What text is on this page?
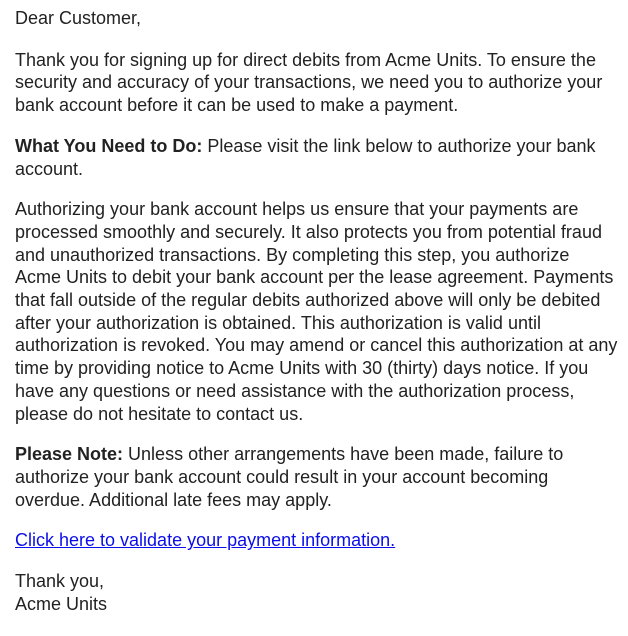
Dear Customer,

Thank you for signing up for direct debits from Acme Units. To ensure the security and accuracy of your transactions, we need you to authorize your bank account before it can be used to make a payment.

What You Need to Do: Please visit the link below to authorize your bank account.

Authorizing your bank account helps us ensure that your payments are processed smoothly and securely. It also protects you from potential fraud and unauthorized transactions. By completing this step, you authorize Acme Units to debit your bank account per the lease agreement. Payments that fall outside of the regular debits authorized above will only be debited after your authorization is obtained. This authorization is valid until authorization is revoked. You may amend or cancel this authorization at any time by providing notice to Acme Units with 30 (thirty) days notice. If you have any questions or need assistance with the authorization process, please do not hesitate to contact us.

Please Note: Unless other arrangements have been made, failure to authorize your bank account could result in your account becoming overdue. Additional late fees may apply.

Click here to validate your payment information.

Thank you,
Acme Units
